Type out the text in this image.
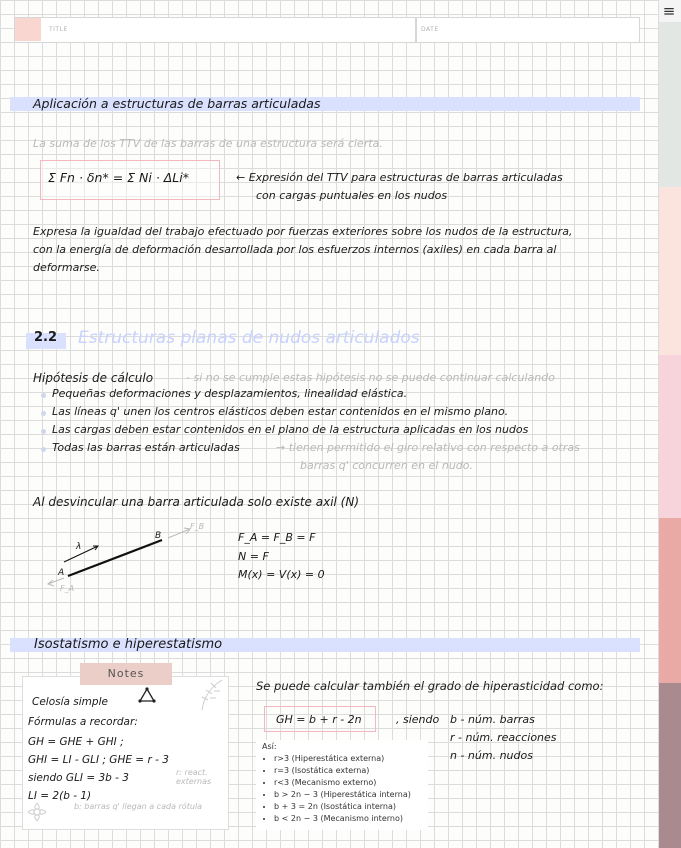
TITLE	DATE
Aplicación a estructuras de barras articuladas
La suma de los TTV de las barras de una estructura será cierta.
Σ Fn · δn* = Σ Ni · ΔLi*	← Expresión del TTV para estructuras de barras articuladas
con cargas puntuales en los nudos
Expresa la igualdad del trabajo efectuado por fuerzas exteriores sobre los nudos de la estructura,
con la energía de deformación desarrollada por los esfuerzos internos (axiles) en cada barra al
deformarse.
2.2 Estructuras planas de nudos articulados
Hipótesis de cálculo	- si no se cumple estas hipótesis no se puede continuar calculando
Pequeñas deformaciones y desplazamientos, linealidad elástica.
Las líneas q' unen los centros elásticos deben estar contenidos en el mismo plano.
Las cargas deben estar contenidos en el plano de la estructura aplicadas en los nudos
Todas las barras están articuladas	→ tienen permitido el giro relativo con respecto a otras
barras q' concurren en el nudo.
Al desvincular una barra articulada solo existe axil (N)
A
B
λ
F_B
F_A
F_A = F_B = F
N = F
M(x) = V(x) = 0
Isostatismo e hiperestatismo
Notes
Celosía simple
Fórmulas a recordar:
GH = GHE + GHI ;
GHI = LI - GLI ; GHE = r - 3
siendo GLI = 3b - 3
LI = 2(b - 1)
r: react. externas
b: barras q' llegan a cada rótula
Se puede calcular también el grado de hiperasticidad como:
GH = b + r - 2n	, siendo b - núm. barras
r - núm. reacciones
n - núm. nudos
Así:
• r>3 (Hiperestática externa)
• r=3 (Isostática externa)
• r<3 (Mecanismo externo)
• b > 2n − 3 (Hiperestática interna)
• b + 3 = 2n (Isostática interna)
• b < 2n − 3 (Mecanismo interno)
≡
